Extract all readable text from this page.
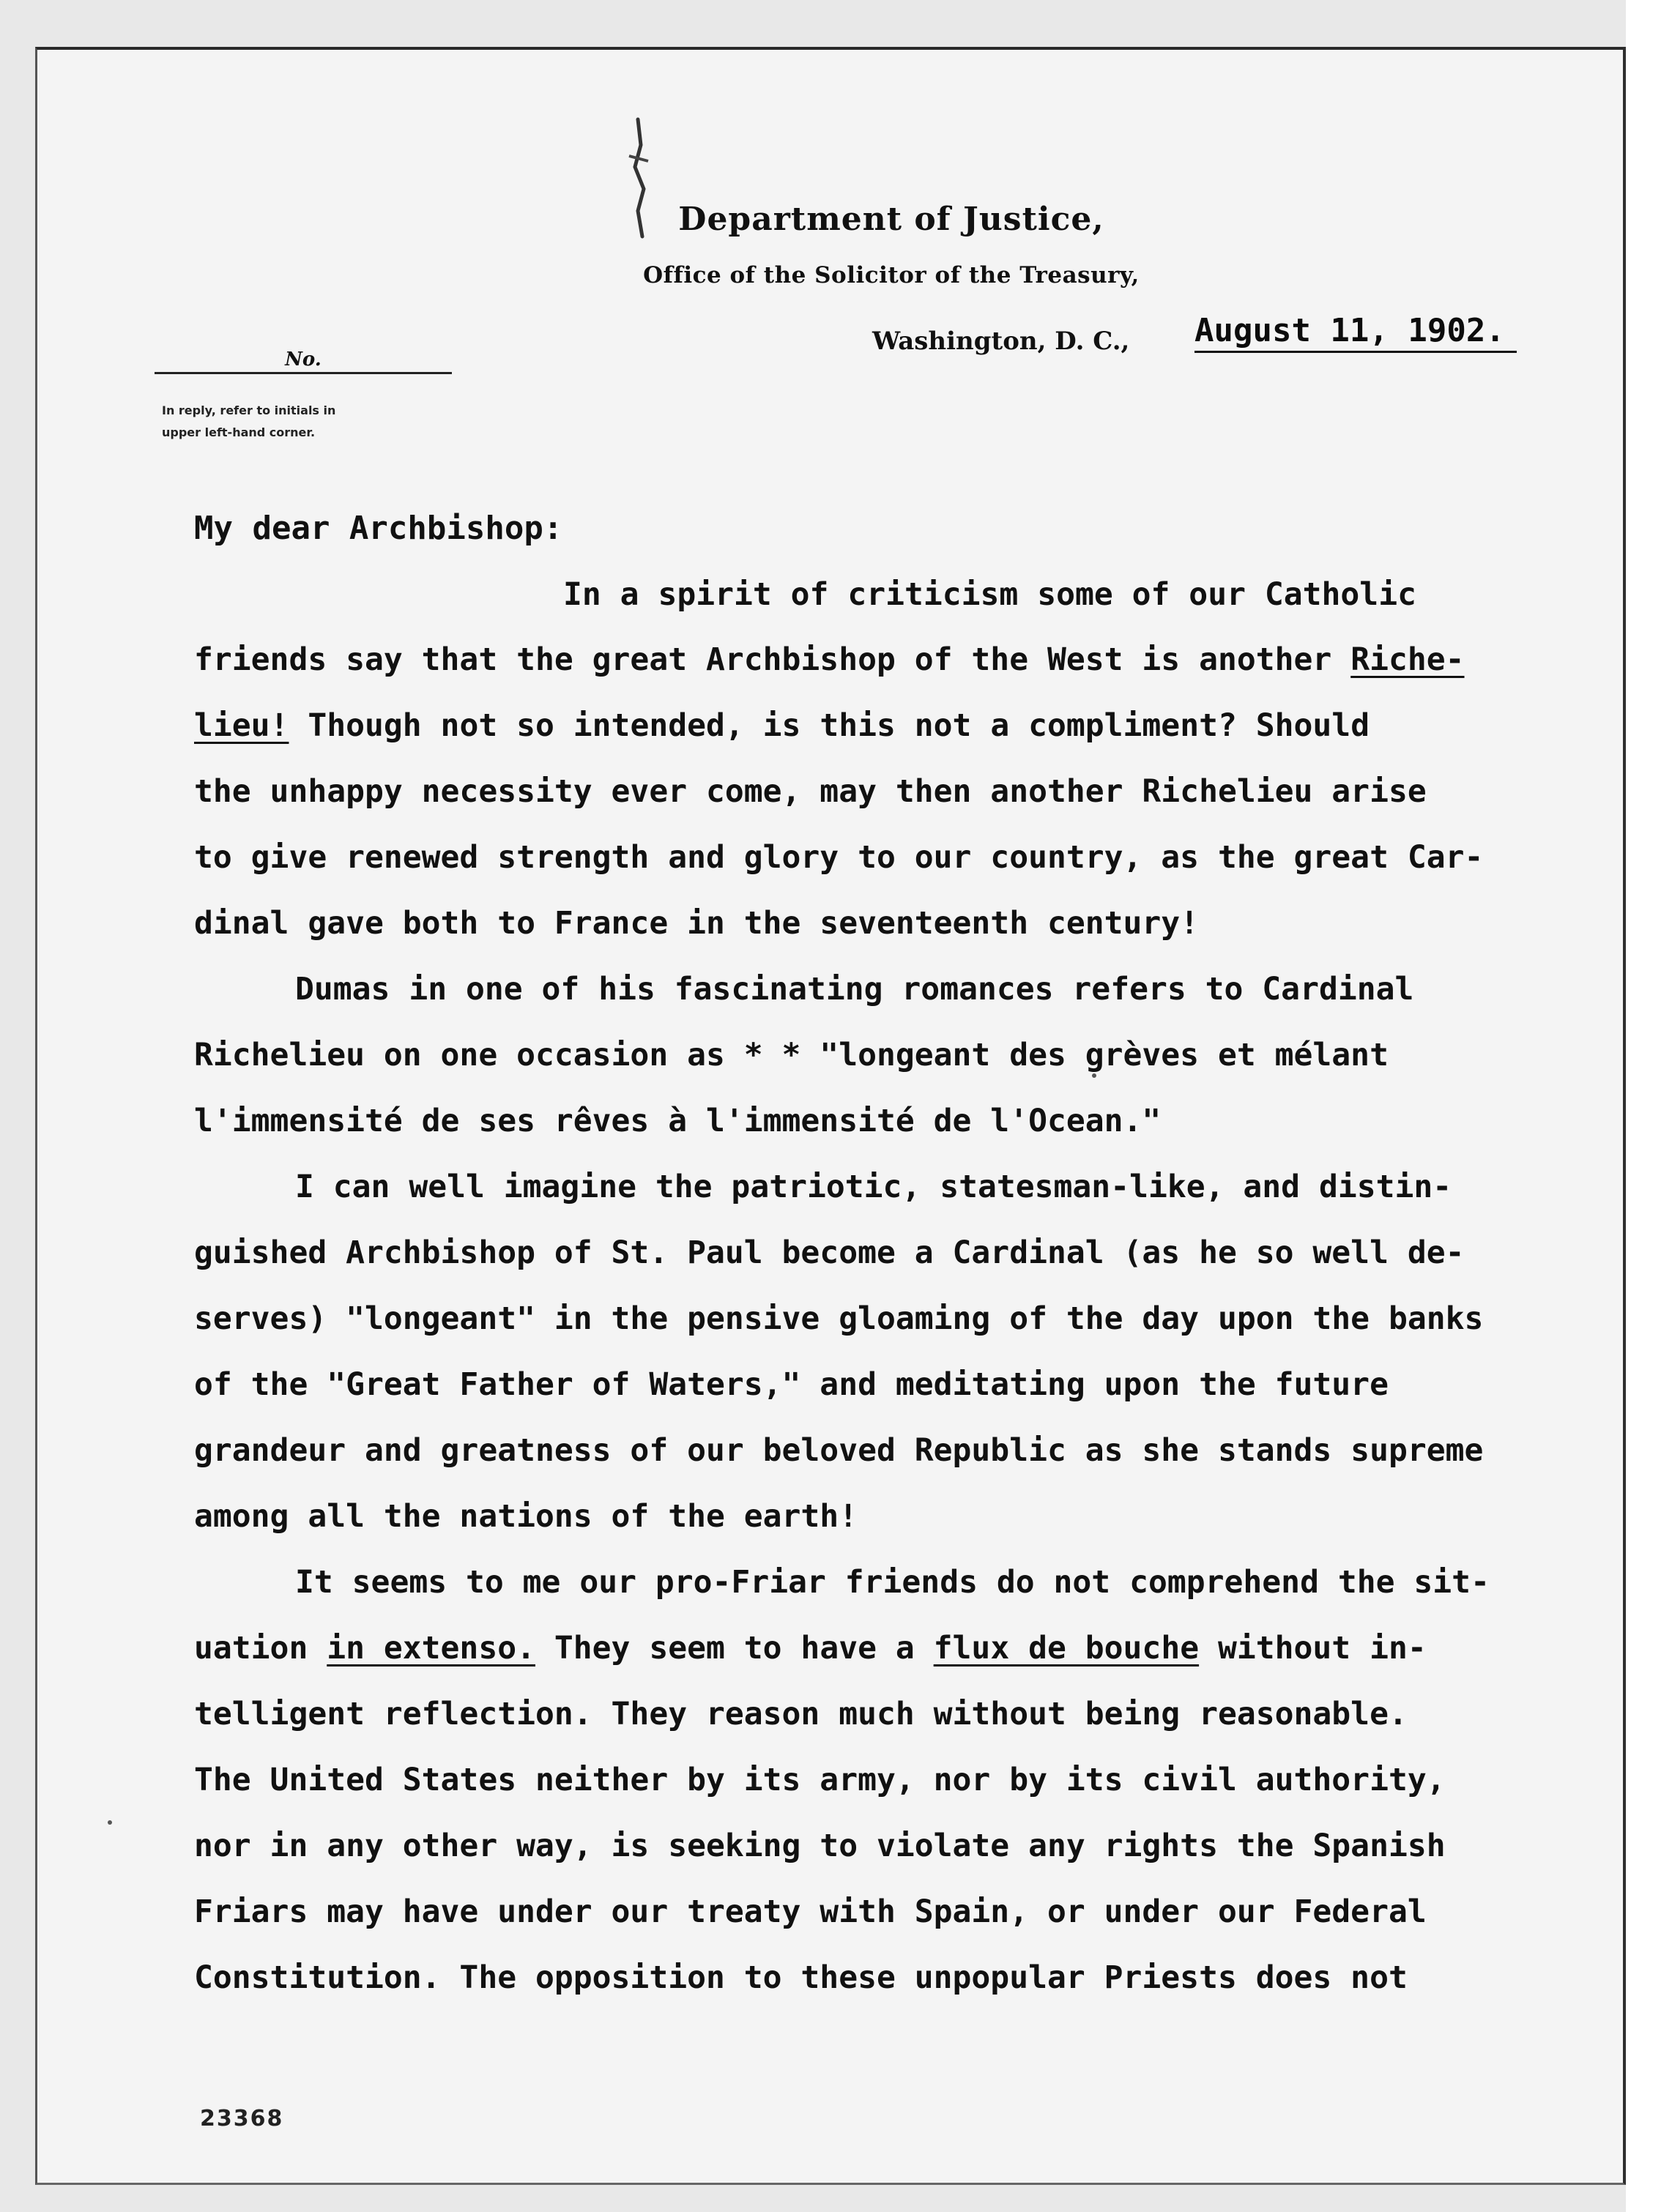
Department of Justice,
Office of the Solicitor of the Treasury,
Washington, D. C., August 11, 1902.
No.
In reply, refer to initials in
upper left-hand corner.
My dear Archbishop:
In a spirit of criticism some of our Catholic
friends say that the great Archbishop of the West is another Riche-
lieu! Though not so intended, is this not a compliment? Should
the unhappy necessity ever come, may then another Richelieu arise
to give renewed strength and glory to our country, as the great Car-
dinal gave both to France in the seventeenth century!
Dumas in one of his fascinating romances refers to Cardinal
Richelieu on one occasion as * * "longeant des grèves et mélant
l'immensité de ses rêves à l'immensité de l'Ocean."
I can well imagine the patriotic, statesman-like, and distin-
guished Archbishop of St. Paul become a Cardinal (as he so well de-
serves) "longeant" in the pensive gloaming of the day upon the banks
of the "Great Father of Waters," and meditating upon the future
grandeur and greatness of our beloved Republic as she stands supreme
among all the nations of the earth!
It seems to me our pro-Friar friends do not comprehend the sit-
uation in extenso. They seem to have a flux de bouche without in-
telligent reflection. They reason much without being reasonable.
The United States neither by its army, nor by its civil authority,
nor in any other way, is seeking to violate any rights the Spanish
Friars may have under our treaty with Spain, or under our Federal
Constitution. The opposition to these unpopular Priests does not
23368
